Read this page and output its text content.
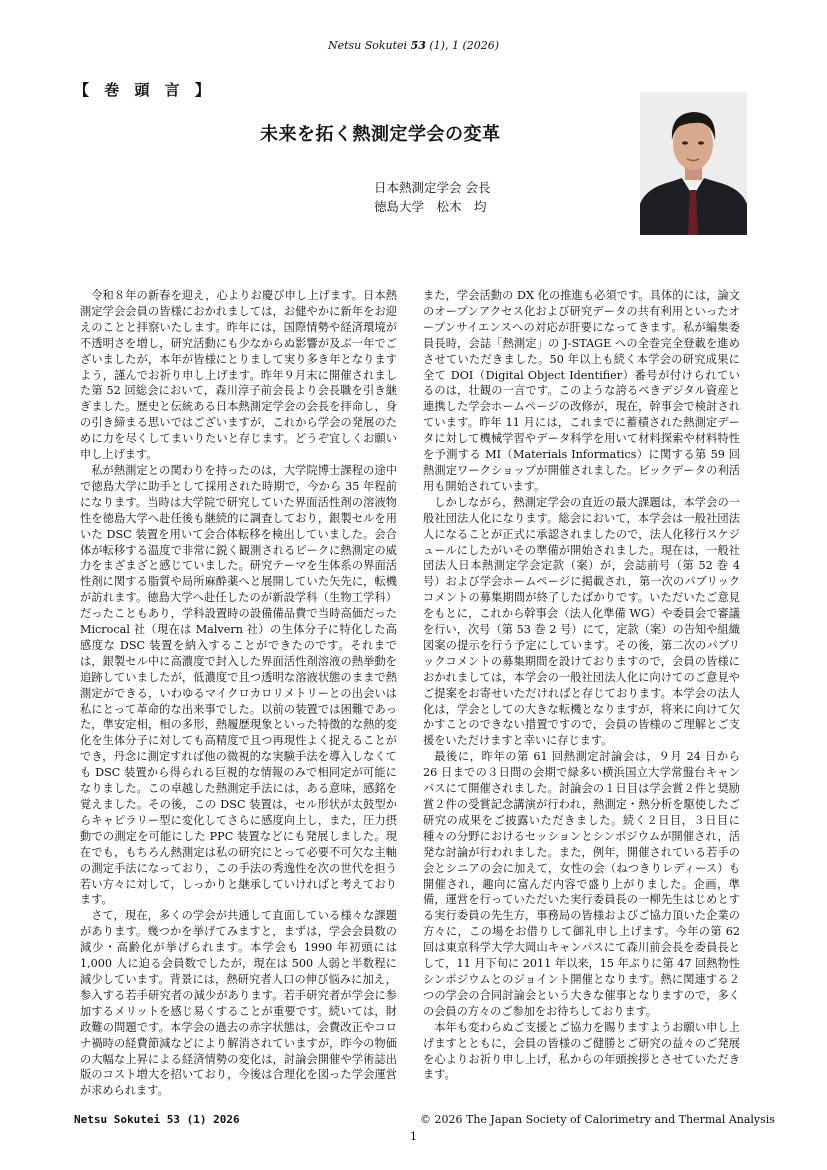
Netsu Sokutei 53 (1), 1 (2026)
【 巻 頭 言 】
未来を拓く熱測定学会の変革
日本熱測定学会 会長
徳島大学　松木　均

令和８年の新春を迎え，心よりお慶び申し上げます。日本熱測定学会会員の皆様におかれましては，お健やかに新年をお迎えのことと拝察いたします。昨年には，国際情勢や経済環境が不透明さを増し，研究活動にも少なからぬ影響が及ぶ一年でございましたが，本年が皆様にとりまして実り多き年となりますよう，謹んでお祈り申し上げます。昨年９月末に開催されました第 52 回総会において，森川淳子前会長より会長職を引き継ぎました。歴史と伝統ある日本熱測定学会の会長を拝命し，身の引き締まる思いではございますが，これから学会の発展のために力を尽くしてまいりたいと存じます。どうぞ宜しくお願い申し上げます。

私が熱測定との関わりを持ったのは，大学院博士課程の途中で徳島大学に助手として採用された時期で，今から 35 年程前になります。当時は大学院で研究していた界面活性剤の溶液物性を徳島大学へ赴任後も継続的に調査しており，銀製セルを用いた DSC 装置を用いて会合体転移を検出していました。会合体が転移する温度で非常に鋭く観測されるピークに熱測定の威力をまざまざと感じていました。研究テーマを生体系の界面活性剤に関する脂質や局所麻酔薬へと展開していた矢先に，転機が訪れます。徳島大学へ赴任したのが新設学科（生物工学科）だったこともあり，学科設置時の設備備品費で当時高価だった Microcal 社（現在は Malvern 社）の生体分子に特化した高感度な DSC 装置を納入することができたのです。それまでは，銀製セル中に高濃度で封入した界面活性剤溶液の熱挙動を追跡していましたが，低濃度で且つ透明な溶液状態のままで熱測定ができる，いわゆるマイクロカロリメトリーとの出会いは私にとって革命的な出来事でした。以前の装置では困難であった，準安定相，相の多形，熱履歴現象といった特徴的な熱的変化を生体分子に対しても高精度で且つ再現性よく捉えることができ，丹念に測定すれば他の微視的な実験手法を導入しなくても DSC 装置から得られる巨視的な情報のみで相同定が可能になりました。この卓越した熱測定手法には，ある意味，感銘を覚えました。その後，この DSC 装置は，セル形状が太鼓型からキャピラリー型に変化してさらに感度向上し，また，圧力摂動での測定を可能にした PPC 装置などにも発展しました。現在でも，もちろん熱測定は私の研究にとって必要不可欠な主軸の測定手法になっており，この手法の秀逸性を次の世代を担う若い方々に対して，しっかりと継承していければと考えております。

さて，現在，多くの学会が共通して直面している様々な課題があります。幾つかを挙げてみますと，まずは，学会会員数の減少・高齢化が挙げられます。本学会も 1990 年初頭には 1,000 人に迫る会員数でしたが，現在は 500 人弱と半数程に減少しています。背景には，熱研究者人口の伸び悩みに加え，参入する若手研究者の減少があります。若手研究者が学会に参加するメリットを感じ易くすることが重要です。続いては，財政難の問題です。本学会の過去の赤字状態は，会費改正やコロナ禍時の経費節減などにより解消されていますが，昨今の物価の大幅な上昇による経済情勢の変化は，討論会開催や学術誌出版のコスト増大を招いており，今後は合理化を図った学会運営が求められます。

また，学会活動の DX 化の推進も必須です。具体的には，論文のオープンアクセス化および研究データの共有利用といったオープンサイエンスへの対応が肝要になってきます。私が編集委員長時，会誌「熱測定」の J-STAGE への全巻完全登載を進めさせていただきました。50 年以上も続く本学会の研究成果に全て DOI（Digital Object Identifier）番号が付けられているのは，壮観の一言です。このような誇るべきデジタル資産と連携した学会ホームページの改修が，現在，幹事会で検討されています。昨年 11 月には，これまでに蓄積された熱測定データに対して機械学習やデータ科学を用いて材料探索や材料特性を予測する MI（Materials Informatics）に関する第 59 回熱測定ワークショップが開催されました。ビックデータの利活用も開始されています。

しかしながら，熱測定学会の直近の最大課題は，本学会の一般社団法人化になります。総会において，本学会は一般社団法人になることが正式に承認されましたので，法人化移行スケジュールにしたがいその準備が開始されました。現在は，一般社団法人日本熱測定学会定款（案）が，会誌前号（第 52 巻 4 号）および学会ホームページに掲載され，第一次のパブリックコメントの募集期間が終了したばかりです。いただいたご意見をもとに，これから幹事会（法人化準備 WG）や委員会で審議を行い，次号（第 53 巻 2 号）にて，定款（案）の告知や組織図案の提示を行う予定にしています。その後，第二次のパブリックコメントの募集期間を設けておりますので，会員の皆様におかれましては，本学会の一般社団法人化に向けてのご意見やご提案をお寄せいただければと存じております。本学会の法人化は，学会としての大きな転機となりますが，将来に向けて欠かすことのできない措置ですので，会員の皆様のご理解とご支援をいただけますと幸いに存じます。

最後に，昨年の第 61 回熱測定討論会は，９月 24 日から 26 日までの３日間の会期で緑多い横浜国立大学常盤台キャンパスにて開催されました。討論会の１日目は学会賞２件と奨励賞２件の受賞記念講演が行われ，熱測定・熱分析を駆使したご研究の成果をご披露いただきました。続く２日目，３日目に種々の分野におけるセッションとシンポジウムが開催され，活発な討論が行われました。また，例年，開催されている若手の会とシニアの会に加えて，女性の会（ねつきりレディース）も開催され，趣向に富んだ内容で盛り上がりました。企画，準備，運営を行っていただいた実行委員長の一柳先生はじめとする実行委員の先生方，事務局の皆様およびご協力頂いた企業の方々に，この場をお借りして御礼申し上げます。今年の第 62 回は東京科学大学大岡山キャンパスにて森川前会長を委員長として，11 月下旬に 2011 年以来，15 年ぶりに第 47 回熱物性シンポジウムとのジョイント開催となります。熱に関連する２つの学会の合同討論会という大きな催事となりますので，多くの会員の方々のご参加をお待ちしております。

本年も変わらぬご支援とご協力を賜りますようお願い申し上げますとともに，会員の皆様のご健勝とご研究の益々のご発展を心よりお祈り申し上げ，私からの年頭挨拶とさせていただきます。

Netsu Sokutei 53 (1) 2026	© 2026 The Japan Society of Calorimetry and Thermal Analysis
1
